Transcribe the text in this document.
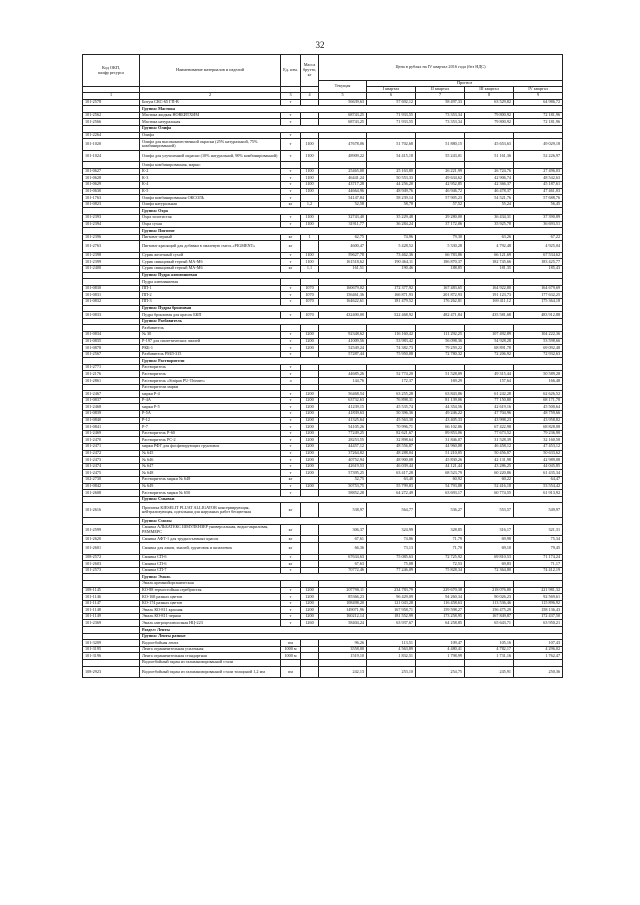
32
Код ОКП,
шифр ресурса	Наименование материалов и изделий	Ед. изм.	Масса брутто, кг	Цена в рублях на IV квартал 2016 года (без НДС)				
				Текущая	Прогноз			
					I квартал	II квартал	III квартал	IV квартал
1	2	3	4	5	6	7	8	9
101-2578	Битум СКС-65 ГП-В	т		56639,63	57 692,12	58 497,33	63 529,82	64 986,72
	Группа: Мастика							
101-2562	Мастика жидкая НОВБИТХИМ	т		68743,25	71 933,55	73 353,34	79 800,92	72 181,96
101-2566	Мастика натуральная	т		68743,25	71 933,55	73 353,34	79 800,92	72 181,96
	Группа: Олифа							
101-2264	Олифа	т						
101-1020	Олифа для высококачественной окраски (25% натуральной, 75% комбинированной)	т	1100	47678,06	51 702,68	51 880,15	45 653,63	49 029,18
101-1024	Олифа для улучшенной окраски (10% натуральной, 90% комбинированной)	т	1100	48909,22	54 415,18	55 243,01	51 161,36	52 226,97
	Олифа комбинированная, марки:							
101-0627	К-2	т	1100	25465,00	25 163,80	26 221,99	26 724,76	27 496,03
101-0628	К-3	т	1100	46441,24	50 553,33	49 634,62	42 906,74	48 542,63
101-0629	К-4	т	1100	43717,28	44 256,20	42 952,85	42 366,37	45 187,61
101-0630	К-5	т	1100	44664,96	48 949,76	46 946,72	46 478,37	47 461,03
101-1763	Олифа комбинированная ОКСОЛЬ	т		54147,84	58 239,14	57 905,23	54 521,76	57 688,76
101-0823	Олифа натуральная	кг	1,2	52,58	58,78	57,52	55,24	56,45
	Группа: Охра							
101-2393	Охра золотистая	т	1100	32743,40	35 229,48	29 280,00	36 434,31	37 390,89
101-2394	Охра сухая	т	1100	31911,77	36 284,24	37 172,06	35 925,78	36 693,51
	Группа: Пигмент							
101-2396	Пигмент черный	кг	1	62,75	74,96	79,30	63,26	67,22
101-2763	Пигмент красящий для добавки в эмалевую смесь «PIGMENT»	кг		4600,47	5 428,52	5 330,28	4 792,48	4 925,04
101-2398	Сурик железный сухой	т	1100	59627,78	73 462,36	66 783,86	66 121,69	67 534,62
101-2399	Сурик свинцовый тертый МА-М6	т	1100	161518,62	190 464,11	186 870,37	182 745,66	183 425,77
101-2400	Сурик свинцовый тертый МА-М6	кг	1,1	161,51	190,46	188,85	181,35	185,43
	Группа: Пудра алюминиевая							
	Пудра алюминиевая							
101-0830	ПП-1	т	1070	160679,02	172 377,92	167 483,65	164 922,80	164 679,69
101-0831	ПП-2	т	1070	156461,36	166 871,93	201 872,93	191 123,73	177 632,25
101-0832	ПП-3	т	1070	164622,61	181 479,52	176 262,81	169 411,12	175 364,18
	Группа: Пудры бронзовая							
101-0833	Пудра бронзовая для красок БКП	т	1070	432400,00	522 468,92	482 471,84	435 581,68	483 912,88
	Группа: Разбавитель							
	Разбавитель							
101-0834	№ 30	т	1200	92348,62	116 160,42	111 292,25	107 492,89	104 222,36
101-0835	Р-197 для синтетических эмалей	т	1200	41009,56	53 983,42	56 098,36	54 928,28	53 598,66
101-0878	РКБ-1	т	1200	52549,24	74 382,73	79 259,22	68 891,78	69 092,48
101-2567	Разбавитель РМЛ-315	т		57287,44	75 950,08	72 780,32	72 206,92	72 932,63
	Группа: Растворители							
101-2771	Растворитель	т						
101-2176	Растворитель	т		44685,26	52 774,20	51 528,09	49 315,44	50 589,28
101-2861	Растворитель «Sinipan PU-Thinner»	л		144,76	172,37	169,29	157,64	166,48
	Растворители марки							
101-2467	марки Р-4	т	1200	56468,54	63 255,28	63 843,06	61 242,28	62 626,52
101-0837	Р-4А	т	1200	63732,63	76 898,31	81 139,06	77 150,80	68 171,78
101-2468	марки Р-5	т	1200	41239,15	45 535,74	44 354,56	42 619,16	45 500,64
101-0839	Р-5А	т	1200	41839,63	50 396,36	49 246,22	47 704,96	48 759,66
101-0840	Р-12	т	1200	41325,64	45 563,30	43 405,33	43 998,23	43 958,82
101-0841	Р-7	т	1200	54105,26	70 996,71	66 102,86	67 422,98	68 828,08
101-2469	Растворитель Р-60	т	1200	77249,25	82 621,67	89 853,06	77 673,52	79 236,90
101-2470	Растворитель РС-2	т	1200	28253,55	32 898,64	31 846,07	31 528,39	32 160,58
101-2471	марки РФГ для фосфатирующих грунтовок	т	1200	44457,12	48 556,87	44 960,08	46 458,12	47 453,12
101-2472	№ 645	т	1200	37264,82	48 288,04	51 210,05	50 456,07	50 633,62
101-2473	№ 646	т	1200	40752,94	48 900,08	45 830,26	42 131,98	42 989,08
101-2474	№ 647	т	1200	42619,53	46 039,44	44 121,44	43 286,25	44 045,85
101-2475	№ 648	т	1200	57395,25	63 417,28	68 523,79	60 220,86	61 435,34
102-2730	Растворитель марки № 648	кг		52,75	63,40	60,92	60,22	64,47
101-0842	№ 649	т	1200	50753,75	55 799,83	54 793,88	52 416,18	53 554,42
101-2608	Растворитель марки № 650	т		58852,28	64 272,49	63 693,17	60 774,55	61 913,92
	Группа: Смывки							
101-2616	Пропитка KIESELIT PLUAT ALLIGATOR консервирующая, нейтрализующая, идеальная для наружных работ бесцветная	кг		538,97	564,77	536,27	553,57	549,97
	Группа: Смолы							
101-2599	Смывка АЛЬБАТЕКС ШМУЛЕНЗЕР универсальная, водно-акриловая, РЕММЕРС	кг		306,37	324,99	328,85	316,17	321,31
101-2620	Смывка АФТ-1 для трудносъемных красок	кг		67,61	74,86	71,79	69,98	75,34
101-2601	Смывка для лаков, эмалей, грунтовок и шпатлевок	кг		66,36	73,13	71,70	69,10	79,45
108-2572	Смывка СП-6	т		67634,63	75 085,63	72 725,92	69 810,53	71 174,24
101-2603	Смывка СП-6	кг		67,63	75,08	72,53	69,83	71,17
101-2573	Смывка СП-7	т		70772,46	77 246,09	75 828,34	72 364,80	74 412,19
	Группа: Эмаль							
	Эмаль кремнийорганическая							
108-1145	КО-88 термостойкая серебристая	т	1200	207790,11	234 783,79	229 670,38	218 076,80	221 981,32
101-1146	КО-168 разных цветов	т	1200	85366,23	96 429,09	94 260,34	90 026,23	92 569,61
101-1147	КО-174 разных цветов	т	1200	108498,20	121 043,28	116 458,63	113 536,46	115 896,92
101-1148	Эмаль КО-811 красная	т	1200	149071,96	167 958,71	159 598,27	156 475,29	158 136,43
101-1149	Эмаль КО-811 черная	т	1200	160212,14	181 552,99	173 258,95	167 849,87	172 437,50
101-2369	Эмаль нитроцеллюлозная НЦ-223	т	1260	58404,24	63 937,67	64 258,85	65 643,71	63 950,21
	Раздел: Ленты							
	Группа: Ленты разные							
101-3209	Водоотбойная лента	пм		96,26	113,51	109,47	105,16	107,43
101-3195	Лента ограничительная усиленная	1000 м		3558,00	4 563,89	4 480,41	4 782,17	4 296,02
101-3196	Лента ограничительная стандартная	1000 м		1519,10	1 832,51	1 798,99	1 731,16	1 762,47
	Водоотбойный экран из гальванизированной стали							
108-2923	Водоотбойный экран из гальванизированной стали толщиной 1,2 мм	пм		242,13	253,10	254,75	245,91	250,36
